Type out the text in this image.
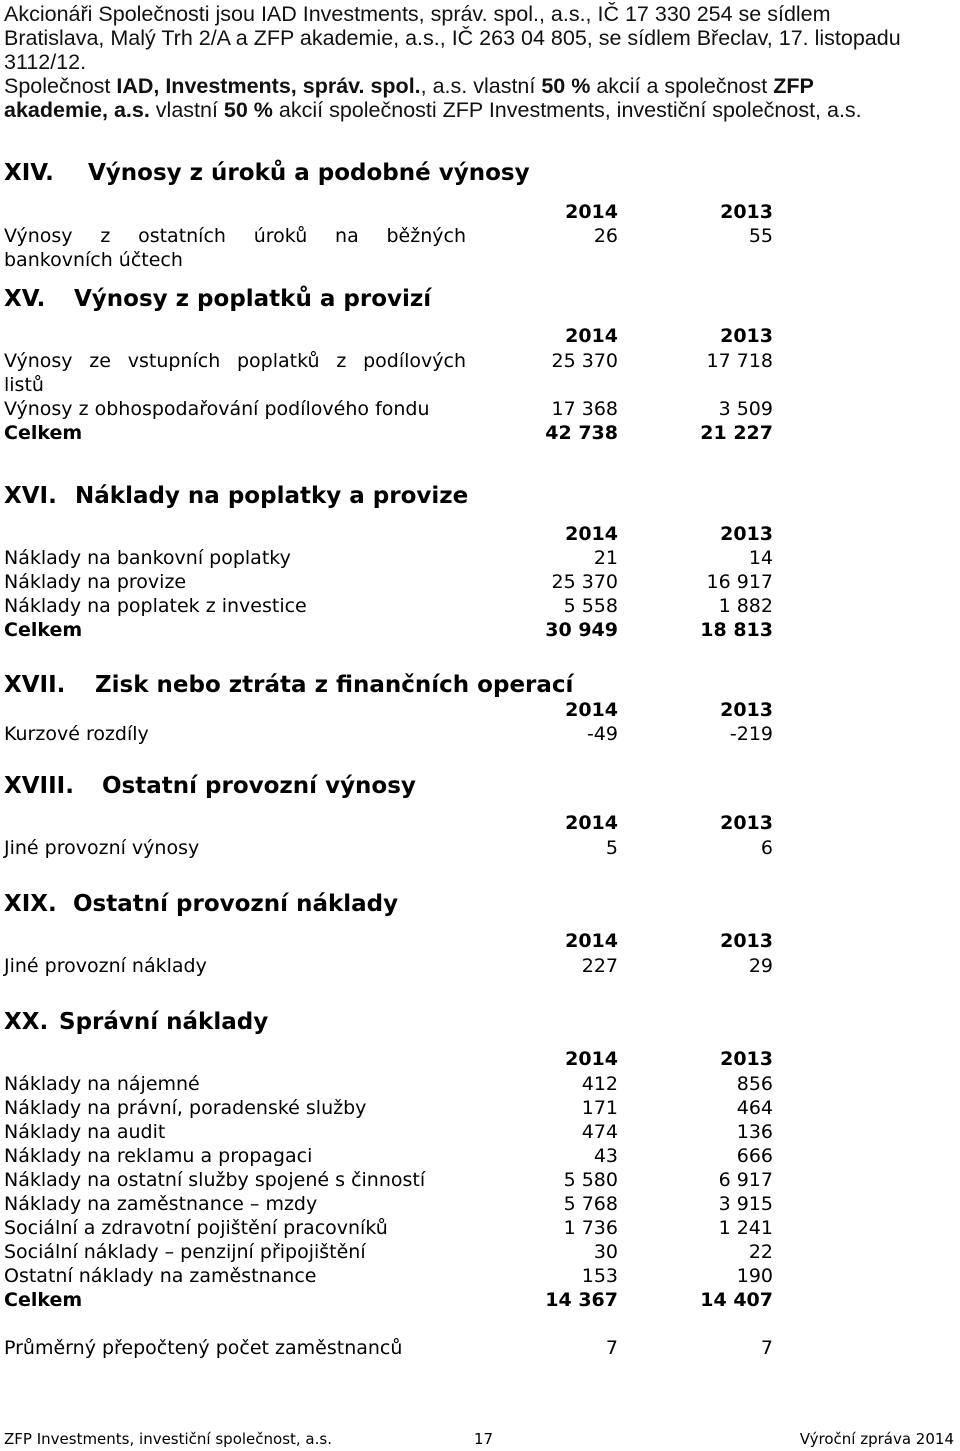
Akcionáři Společnosti jsou IAD Investments, správ. spol., a.s., IČ 17 330 254 se sídlem
Bratislava, Malý Trh 2/A a ZFP akademie, a.s., IČ 263 04 805, se sídlem Břeclav, 17. listopadu
3112/12.
Společnost IAD, Investments, správ. spol., a.s. vlastní 50 % akcií a společnost ZFP
akademie, a.s. vlastní 50 % akcií společnosti ZFP Investments, investiční společnost, a.s.
XIV. Výnosy z úroků a podobné výnosy
2014	2013
Výnosy z ostatních úroků na běžných
bankovních účtech
26	55
XV. Výnosy z poplatků a provizí
2014	2013
Výnosy ze vstupních poplatků z podílových
listů
25 370	17 718
Výnosy z obhospodařování podílového fondu	17 368	3 509
Celkem	42 738	21 227
XVI. Náklady na poplatky a provize
2014	2013
Náklady na bankovní poplatky	21	14
Náklady na provize	25 370	16 917
Náklady na poplatek z investice	5 558	1 882
Celkem	30 949	18 813
XVII. Zisk nebo ztráta z finančních operací
2014	2013
Kurzové rozdíly	-49	-219
XVIII. Ostatní provozní výnosy
2014	2013
Jiné provozní výnosy	5	6
XIX. Ostatní provozní náklady
2014	2013
Jiné provozní náklady	227	29
XX. Správní náklady
2014	2013
Náklady na nájemné	412	856
Náklady na právní, poradenské služby	171	464
Náklady na audit	474	136
Náklady na reklamu a propagaci	43	666
Náklady na ostatní služby spojené s činností	5 580	6 917
Náklady na zaměstnance – mzdy	5 768	3 915
Sociální a zdravotní pojištění pracovníků	1 736	1 241
Sociální náklady – penzijní připojištění	30	22
Ostatní náklady na zaměstnance	153	190
Celkem	14 367	14 407
Průměrný přepočtený počet zaměstnanců	7	7
ZFP Investments, investiční společnost, a.s.	17	Výroční zpráva 2014
